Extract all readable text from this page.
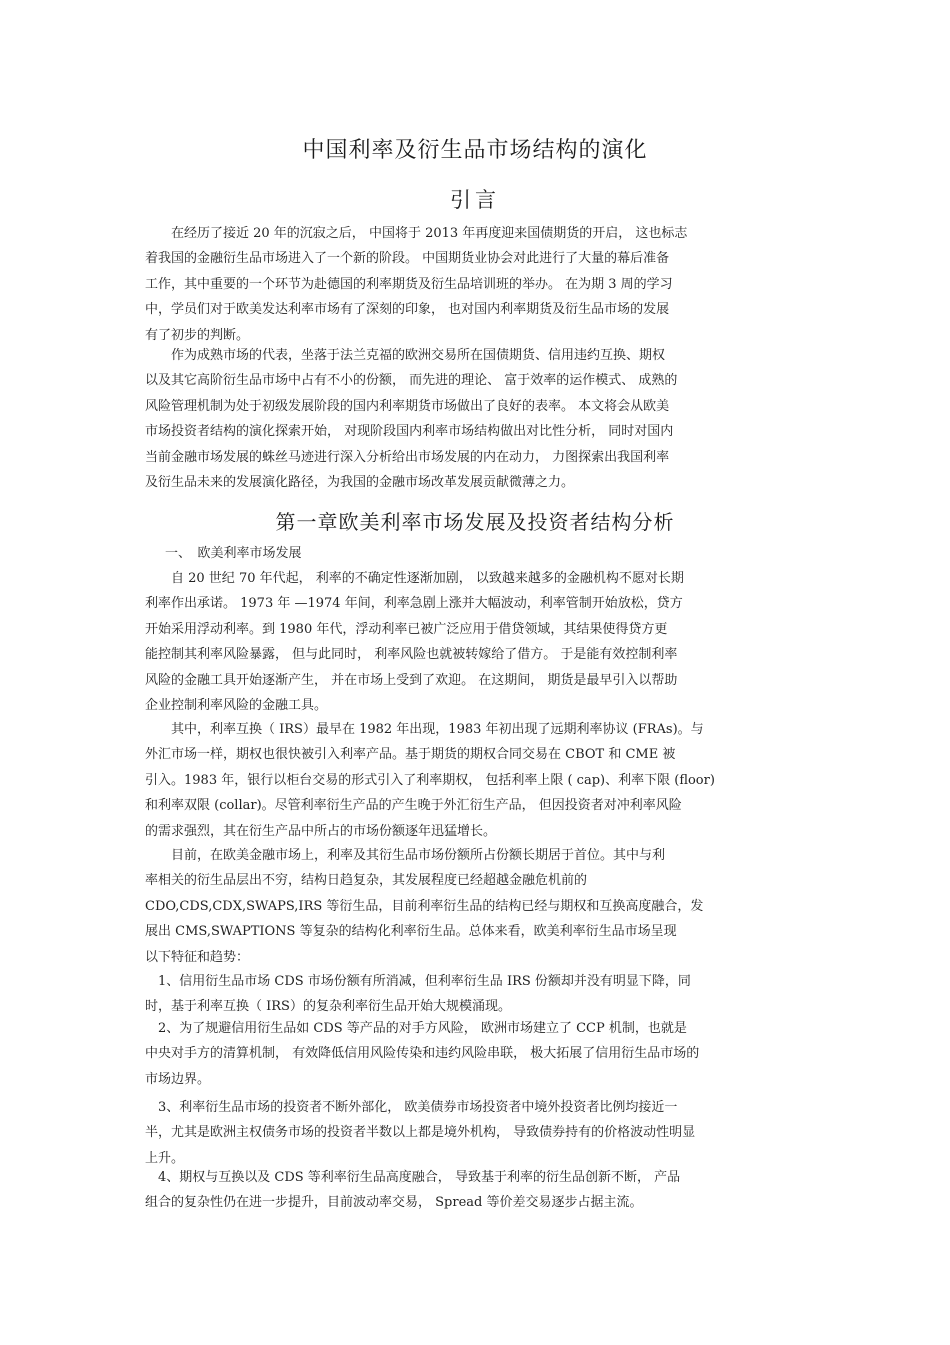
中国利率及衍生品市场结构的演化
引言

　　在经历了接近 20 年的沉寂之后， 中国将于 2013 年再度迎来国债期货的开启， 这也标志
着我国的金融衍生品市场进入了一个新的阶段。 中国期货业协会对此进行了大量的幕后准备
工作，其中重要的一个环节为赴德国的利率期货及衍生品培训班的举办。 在为期 3 周的学习
中，学员们对于欧美发达利率市场有了深刻的印象， 也对国内利率期货及衍生品市场的发展
有了初步的判断。

　　作为成熟市场的代表，坐落于法兰克福的欧洲交易所在国债期货、信用违约互换、期权
以及其它高阶衍生品市场中占有不小的份额， 而先进的理论、 富于效率的运作模式、 成熟的
风险管理机制为处于初级发展阶段的国内利率期货市场做出了良好的表率。 本文将会从欧美
市场投资者结构的演化探索开始， 对现阶段国内利率市场结构做出对比性分析， 同时对国内
当前金融市场发展的蛛丝马迹进行深入分析给出市场发展的内在动力， 力图探索出我国利率
及衍生品未来的发展演化路径，为我国的金融市场改革发展贡献微薄之力。

第一章欧美利率市场发展及投资者结构分析

一、　欧美利率市场发展

　　自 20 世纪 70 年代起， 利率的不确定性逐渐加剧， 以致越来越多的金融机构不愿对长期
利率作出承诺。 1973 年 —1974 年间，利率急剧上涨并大幅波动，利率管制开始放松，贷方
开始采用浮动利率。到 1980 年代，浮动利率已被广泛应用于借贷领域，其结果使得贷方更
能控制其利率风险暴露， 但与此同时， 利率风险也就被转嫁给了借方。 于是能有效控制利率
风险的金融工具开始逐渐产生， 并在市场上受到了欢迎。 在这期间， 期货是最早引入以帮助
企业控制利率风险的金融工具。

　　其中，利率互换（ IRS）最早在 1982 年出现，1983 年初出现了远期利率协议 (FRAs)。与
外汇市场一样，期权也很快被引入利率产品。基于期货的期权合同交易在 CBOT 和 CME 被
引入。1983 年，银行以柜台交易的形式引入了利率期权， 包括利率上限 ( cap)、利率下限 (floor)
和利率双限 (collar)。尽管利率衍生产品的产生晚于外汇衍生产品， 但因投资者对冲利率风险
的需求强烈，其在衍生产品中所占的市场份额逐年迅猛增长。

　　目前，在欧美金融市场上，利率及其衍生品市场份额所占份额长期居于首位。其中与利
率相关的衍生品层出不穷，结构日趋复杂，其发展程度已经超越金融危机前的
CDO,CDS,CDX,SWAPS,IRS 等衍生品，目前利率衍生品的结构已经与期权和互换高度融合，发
展出 CMS,SWAPTIONS 等复杂的结构化利率衍生品。总体来看，欧美利率衍生品市场呈现
以下特征和趋势：

　1、信用衍生品市场 CDS 市场份额有所消减，但利率衍生品 IRS 份额却并没有明显下降，同
时，基于利率互换（ IRS）的复杂利率衍生品开始大规模涌现。

　2、为了规避信用衍生品如 CDS 等产品的对手方风险， 欧洲市场建立了 CCP 机制，也就是
中央对手方的清算机制， 有效降低信用风险传染和违约风险串联， 极大拓展了信用衍生品市场的
市场边界。

　3、利率衍生品市场的投资者不断外部化， 欧美债券市场投资者中境外投资者比例均接近一
半，尤其是欧洲主权债务市场的投资者半数以上都是境外机构， 导致债券持有的价格波动性明显
上升。

　4、期权与互换以及 CDS 等利率衍生品高度融合， 导致基于利率的衍生品创新不断， 产品
组合的复杂性仍在进一步提升，目前波动率交易， Spread 等价差交易逐步占据主流。
